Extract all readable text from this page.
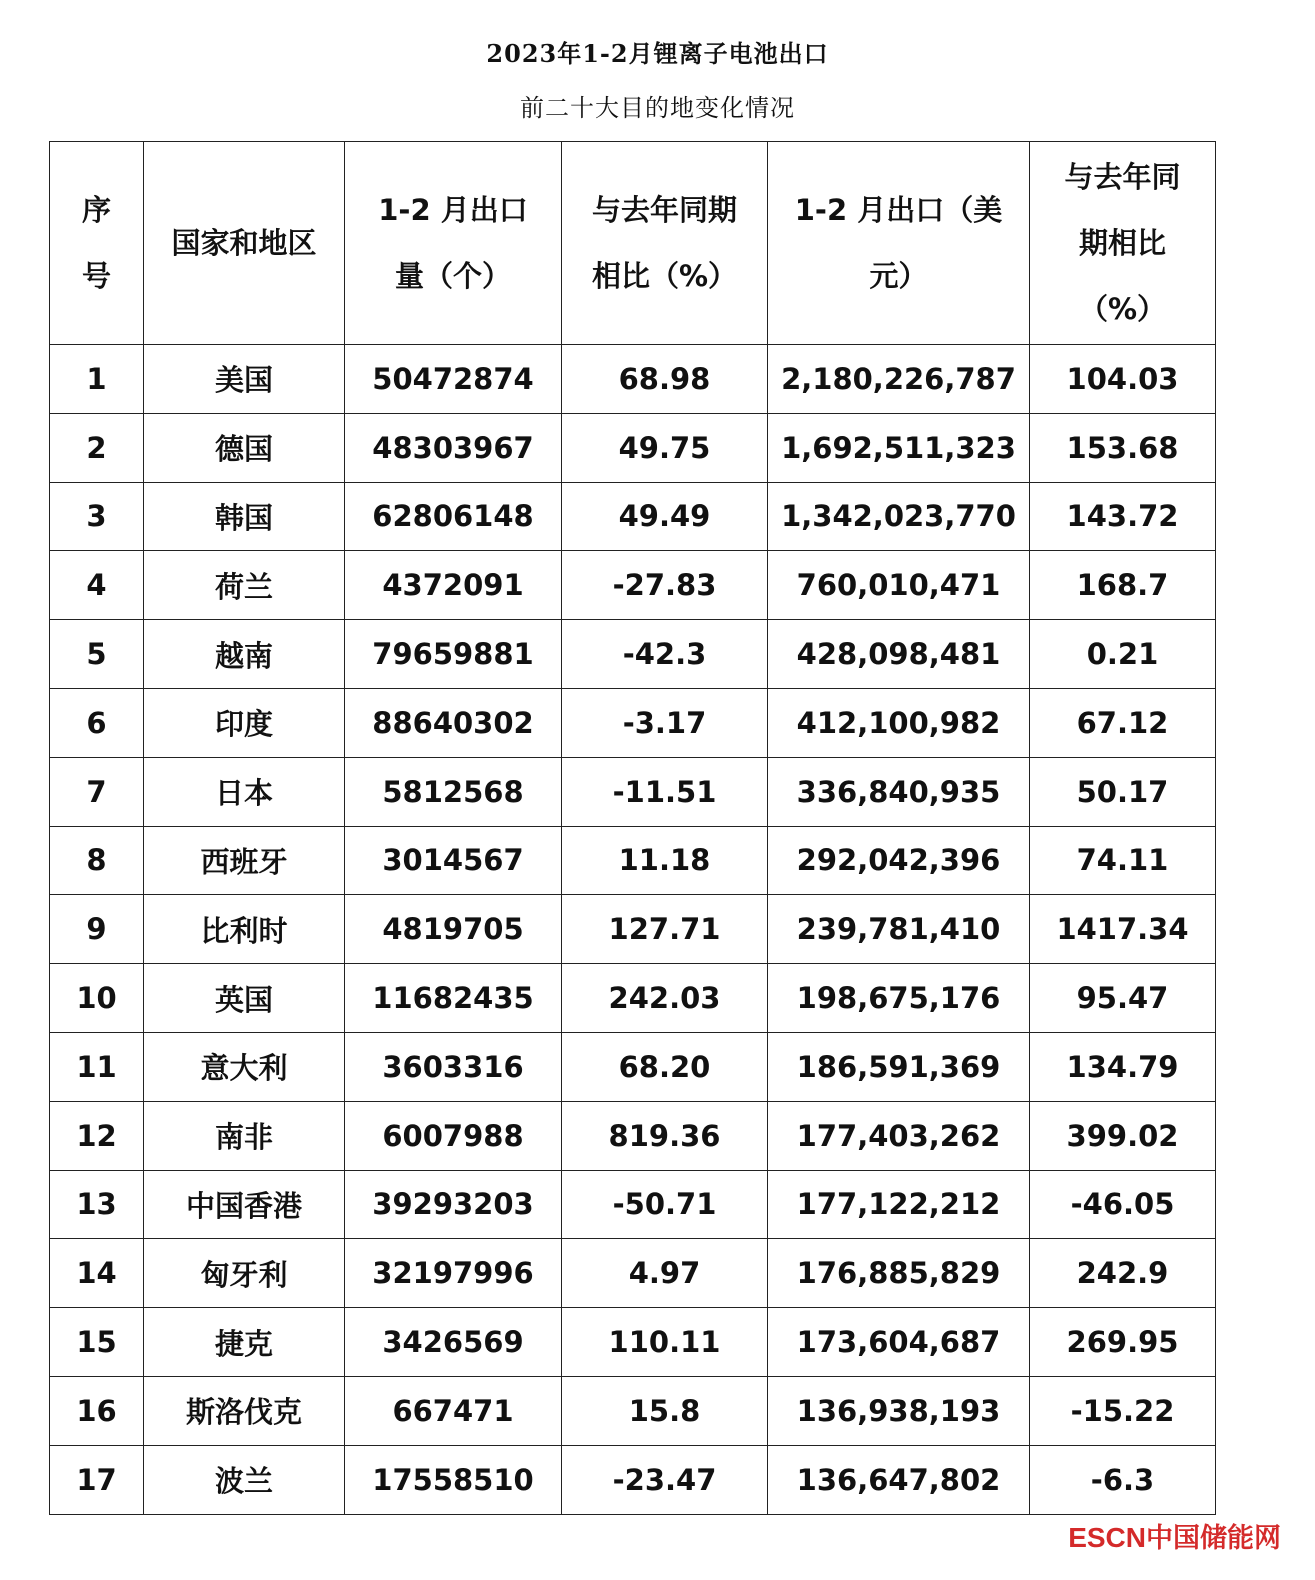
2023年1-2月锂离子电池出口
前二十大目的地变化情况
序号	国家和地区	1-2 月出口量（个）	与去年同期相比（%）	1-2 月出口（美元）	与去年同期相比（%）
1	美国	50472874	68.98	2,180,226,787	104.03
2	德国	48303967	49.75	1,692,511,323	153.68
3	韩国	62806148	49.49	1,342,023,770	143.72
4	荷兰	4372091	-27.83	760,010,471	168.7
5	越南	79659881	-42.3	428,098,481	0.21
6	印度	88640302	-3.17	412,100,982	67.12
7	日本	5812568	-11.51	336,840,935	50.17
8	西班牙	3014567	11.18	292,042,396	74.11
9	比利时	4819705	127.71	239,781,410	1417.34
10	英国	11682435	242.03	198,675,176	95.47
11	意大利	3603316	68.20	186,591,369	134.79
12	南非	6007988	819.36	177,403,262	399.02
13	中国香港	39293203	-50.71	177,122,212	-46.05
14	匈牙利	32197996	4.97	176,885,829	242.9
15	捷克	3426569	110.11	173,604,687	269.95
16	斯洛伐克	667471	15.8	136,938,193	-15.22
17	波兰	17558510	-23.47	136,647,802	-6.3
ESCN中国储能网
